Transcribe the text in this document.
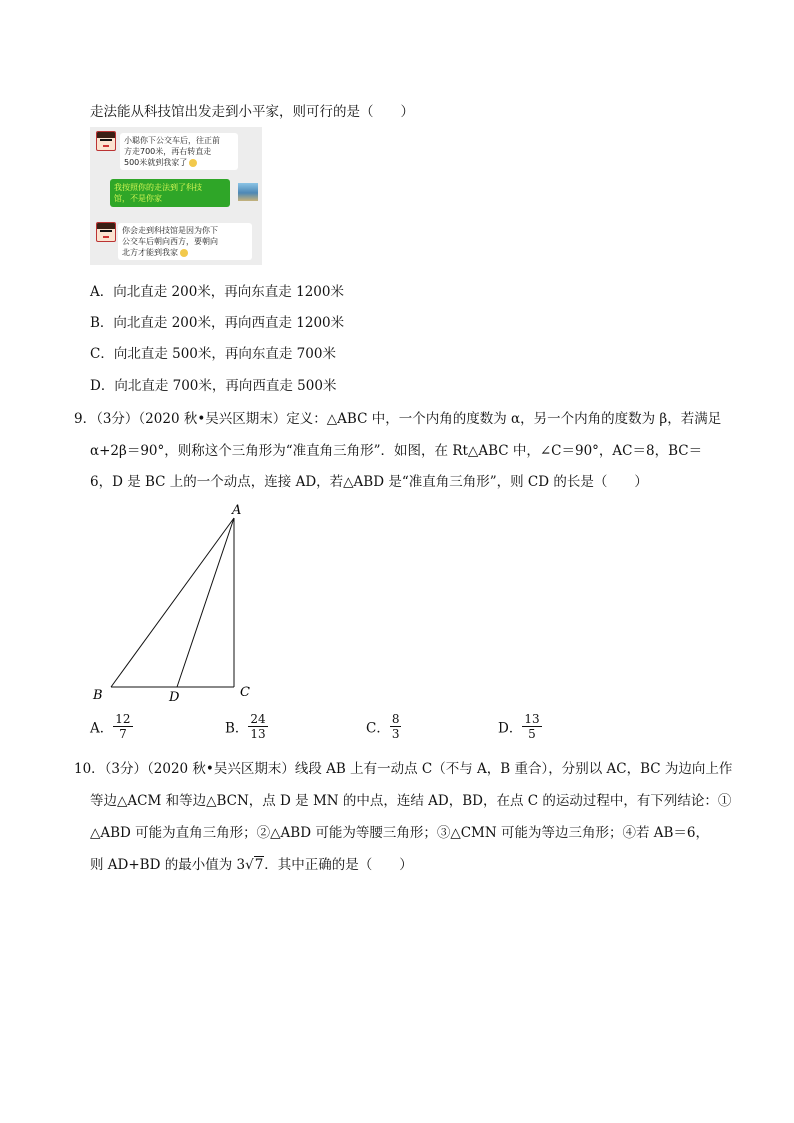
走法能从科技馆出发走到小平家，则可行的是（　　）
小聪你下公交车后，往正前
方走700米，再右转直走
500米就到我家了
我按照你的走法到了科技
馆，不是你家
你会走到科技馆是因为你下
公交车后朝向西方，要朝向
北方才能到我家
A．向北直走 200米，再向东直走 1200米
B．向北直走 200米，再向西直走 1200米
C．向北直走 500米，再向东直走 700米
D．向北直走 700米，再向西直走 500米
9．（3分）（2020 秋•吴兴区期末）定义：△ABC 中，一个内角的度数为 α，另一个内角的度数为 β，若满足
α+2β＝90°，则称这个三角形为“准直角三角形”．如图，在 Rt△ABC 中，∠C＝90°，AC＝8，BC＝
6，D 是 BC 上的一个动点，连接 AD，若△ABD 是“准直角三角形”，则 CD 的长是（　　）
A
B	C
D
A． $\frac{12}{7}$	B． $\frac{24}{13}$	C． $\frac{8}{3}$	D． $\frac{13}{5}$
10．（3分）（2020 秋•吴兴区期末）线段 AB 上有一动点 C（不与 A，B 重合），分别以 AC，BC 为边向上作
等边△ACM 和等边△BCN，点 D 是 MN 的中点，连结 AD，BD，在点 C 的运动过程中，有下列结论：①
△ABD 可能为直角三角形；②△ABD 可能为等腰三角形；③△CMN 可能为等边三角形；④若 AB＝6，
则 AD+BD 的最小值为 3√7．其中正确的是（　　）
